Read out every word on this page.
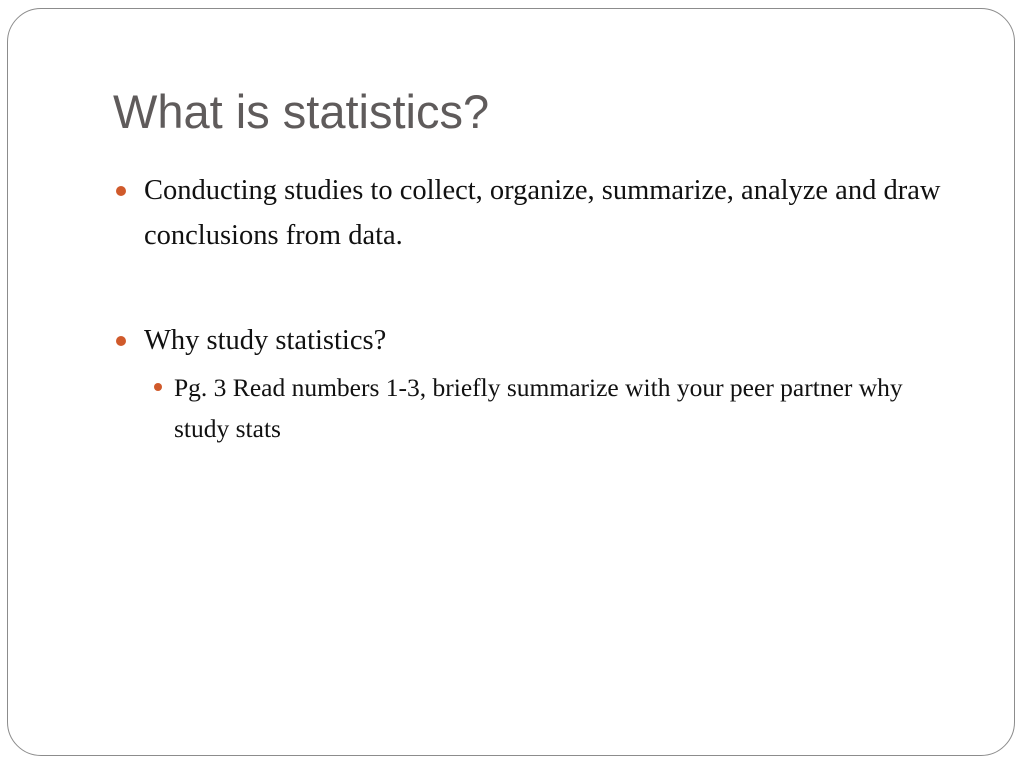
What is statistics?
Conducting studies to collect, organize, summarize, analyze and draw conclusions from data.
Why study statistics?
Pg. 3 Read numbers 1-3, briefly summarize with your peer partner why study stats
